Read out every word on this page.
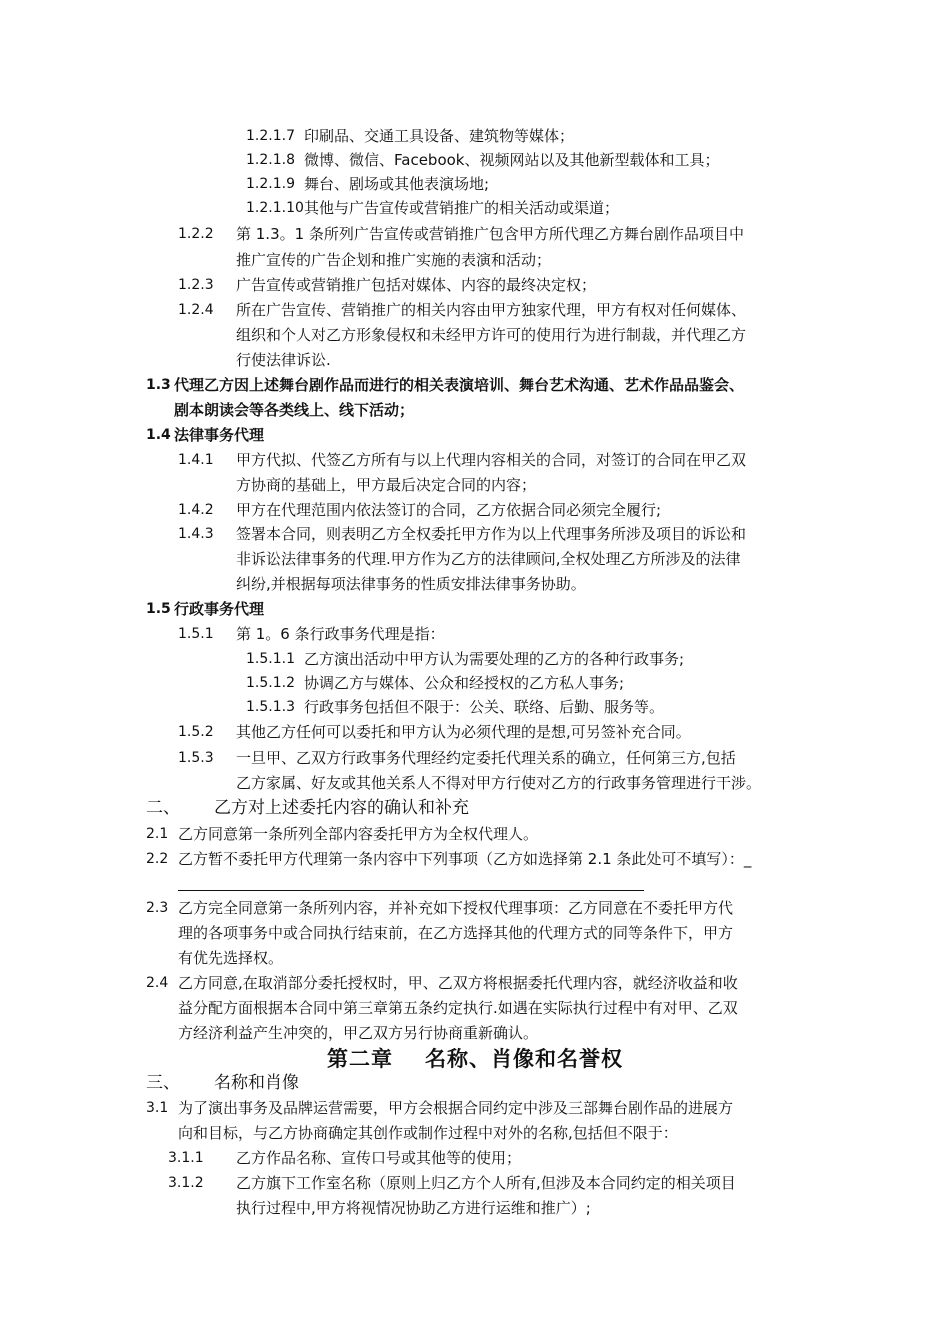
1.2.1.7 印刷品、交通工具设备、建筑物等媒体；
1.2.1.8 微博、微信、Facebook、视频网站以及其他新型载体和工具；
1.2.1.9 舞台、剧场或其他表演场地;
1.2.1.10 其他与广告宣传或营销推广的相关活动或渠道；
1.2.2 第 1.3。1 条所列广告宣传或营销推广包含甲方所代理乙方舞台剧作品项目中
推广宣传的广告企划和推广实施的表演和活动；
1.2.3 广告宣传或营销推广包括对媒体、内容的最终决定权；
1.2.4 所在广告宣传、营销推广的相关内容由甲方独家代理，甲方有权对任何媒体、
组织和个人对乙方形象侵权和未经甲方许可的使用行为进行制裁，并代理乙方
行使法律诉讼.
1.3 代理乙方因上述舞台剧作品而进行的相关表演培训、舞台艺术沟通、艺术作品品鉴会、
剧本朗读会等各类线上、线下活动；
1.4 法律事务代理
1.4.1 甲方代拟、代签乙方所有与以上代理内容相关的合同，对签订的合同在甲乙双
方协商的基础上，甲方最后决定合同的内容；
1.4.2 甲方在代理范围内依法签订的合同，乙方依据合同必须完全履行;
1.4.3 签署本合同，则表明乙方全权委托甲方作为以上代理事务所涉及项目的诉讼和
非诉讼法律事务的代理.甲方作为乙方的法律顾问,全权处理乙方所涉及的法律
纠纷,并根据每项法律事务的性质安排法律事务协助。
1.5 行政事务代理
1.5.1 第 1。6 条行政事务代理是指：
1.5.1.1 乙方演出活动中甲方认为需要处理的乙方的各种行政事务;
1.5.1.2 协调乙方与媒体、公众和经授权的乙方私人事务;
1.5.1.3 行政事务包括但不限于：公关、联络、后勤、服务等。
1.5.2 其他乙方任何可以委托和甲方认为必须代理的是想,可另签补充合同。
1.5.3 一旦甲、乙双方行政事务代理经约定委托代理关系的确立，任何第三方,包括
乙方家属、好友或其他关系人不得对甲方行使对乙方的行政事务管理进行干涉。
二、 乙方对上述委托内容的确认和补充
2.1 乙方同意第一条所列全部内容委托甲方为全权代理人。
2.2 乙方暂不委托甲方代理第一条内容中下列事项（乙方如选择第 2.1 条此处可不填写）：_
2.3 乙方完全同意第一条所列内容，并补充如下授权代理事项：乙方同意在不委托甲方代
理的各项事务中或合同执行结束前，在乙方选择其他的代理方式的同等条件下，甲方
有优先选择权。
2.4 乙方同意,在取消部分委托授权时，甲、乙双方将根据委托代理内容，就经济收益和收
益分配方面根据本合同中第三章第五条约定执行.如遇在实际执行过程中有对甲、乙双
方经济利益产生冲突的，甲乙双方另行协商重新确认。
第二章 名称、肖像和名誉权
三、 名称和肖像
3.1 为了演出事务及品牌运营需要，甲方会根据合同约定中涉及三部舞台剧作品的进展方
向和目标，与乙方协商确定其创作或制作过程中对外的名称,包括但不限于：
3.1.1 乙方作品名称、宣传口号或其他等的使用；
3.1.2 乙方旗下工作室名称（原则上归乙方个人所有,但涉及本合同约定的相关项目
执行过程中,甲方将视情况协助乙方进行运维和推广）;
